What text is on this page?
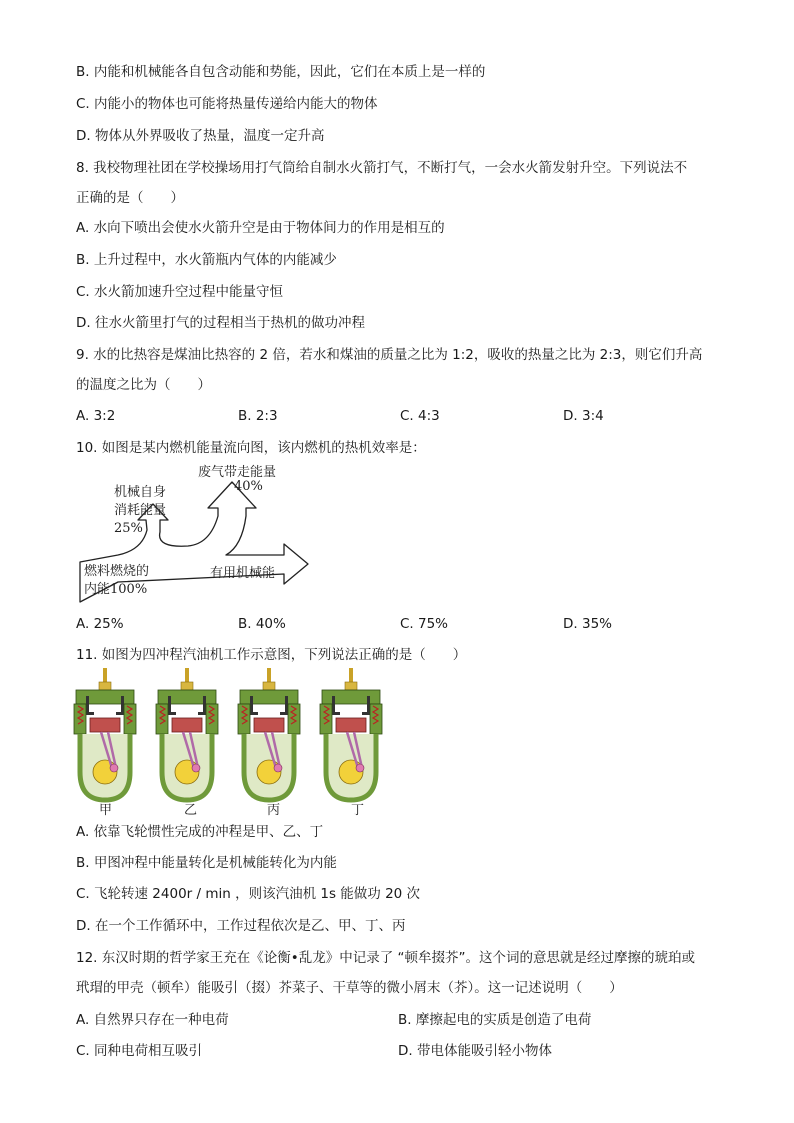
B. 内能和机械能各自包含动能和势能，因此，它们在本质上是一样的
C. 内能小的物体也可能将热量传递给内能大的物体
D. 物体从外界吸收了热量，温度一定升高
8. 我校物理社团在学校操场用打气筒给自制水火箭打气，不断打气，一会水火箭发射升空。下列说法不
正确的是（　　）
A. 水向下喷出会使水火箭升空是由于物体间力的作用是相互的
B. 上升过程中，水火箭瓶内气体的内能减少
C. 水火箭加速升空过程中能量守恒
D. 往水火箭里打气的过程相当于热机的做功冲程
9. 水的比热容是煤油比热容的 2 倍，若水和煤油的质量之比为 1:2，吸收的热量之比为 2:3，则它们升高
的温度之比为（　　）
A. 3:2	B. 2:3	C. 4:3	D. 3:4
10. 如图是某内燃机能量流向图，该内燃机的热机效率是：
废气带走能量
40%
机械自身
消耗能量
25%
燃料燃烧的
内能100%
有用机械能
A. 25%	B. 40%	C. 75%	D. 35%
11. 如图为四冲程汽油机工作示意图，下列说法正确的是（　　）
甲	乙	丙	丁
A. 依靠飞轮惯性完成的冲程是甲、乙、丁
B. 甲图冲程中能量转化是机械能转化为内能
C. 飞轮转速 2400r / min ，则该汽油机 1s 能做功 20 次
D. 在一个工作循环中，工作过程依次是乙、甲、丁、丙
12. 东汉时期的哲学家王充在《论衡•乱龙》中记录了 “顿牟掇芥”。这个词的意思就是经过摩擦的琥珀或
玳瑁的甲壳（顿牟）能吸引（掇）芥菜子、干草等的微小屑末（芥）。这一记述说明（　　）
A. 自然界只存在一种电荷	B. 摩擦起电的实质是创造了电荷
C. 同种电荷相互吸引	D. 带电体能吸引轻小物体
